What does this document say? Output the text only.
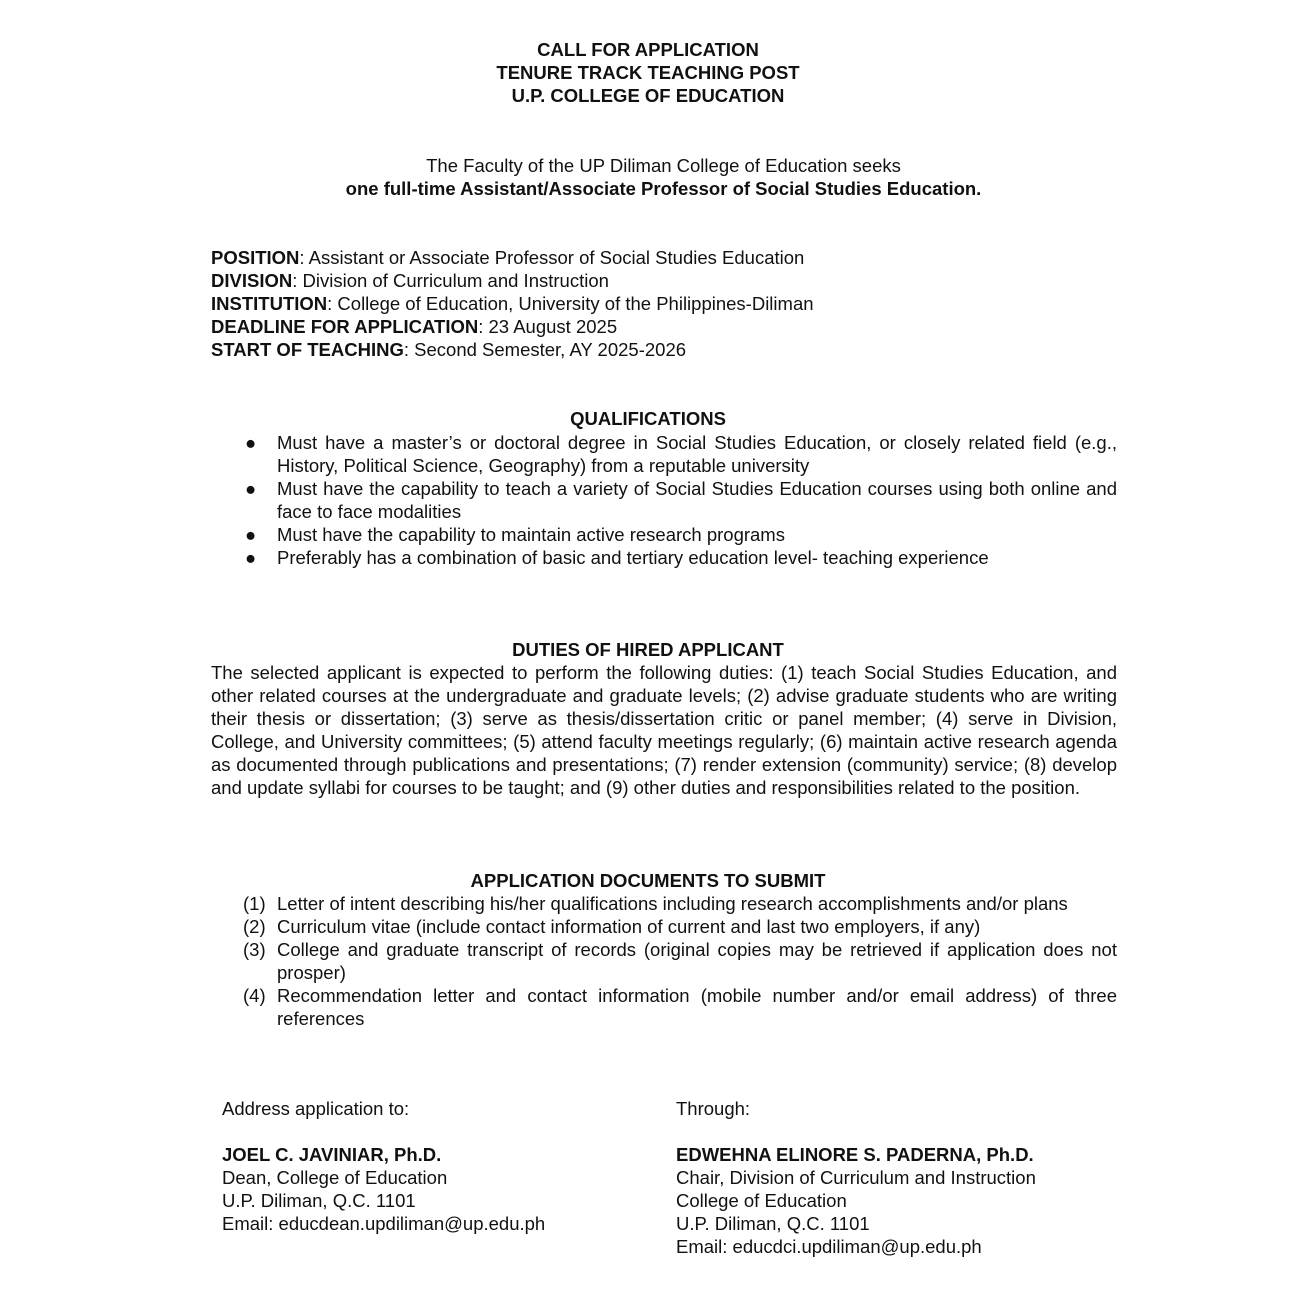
CALL FOR APPLICATION
TENURE TRACK TEACHING POST
U.P. COLLEGE OF EDUCATION
The Faculty of the UP Diliman College of Education seeks
one full-time Assistant/Associate Professor of Social Studies Education.
POSITION: Assistant or Associate Professor of Social Studies Education
DIVISION: Division of Curriculum and Instruction
INSTITUTION: College of Education, University of the Philippines-Diliman
DEADLINE FOR APPLICATION: 23 August 2025
START OF TEACHING: Second Semester, AY 2025-2026
QUALIFICATIONS
● Must have a master’s or doctoral degree in Social Studies Education, or closely related field (e.g., History, Political Science, Geography) from a reputable university
● Must have the capability to teach a variety of Social Studies Education courses using both online and face to face modalities
● Must have the capability to maintain active research programs
● Preferably has a combination of basic and tertiary education level- teaching experience
DUTIES OF HIRED APPLICANT
The selected applicant is expected to perform the following duties: (1) teach Social Studies Education, and other related courses at the undergraduate and graduate levels; (2) advise graduate students who are writing their thesis or dissertation; (3) serve as thesis/dissertation critic or panel member; (4) serve in Division, College, and University committees; (5) attend faculty meetings regularly; (6) maintain active research agenda as documented through publications and presentations; (7) render extension (community) service; (8) develop and update syllabi for courses to be taught; and (9) other duties and responsibilities related to the position.
APPLICATION DOCUMENTS TO SUBMIT
(1) Letter of intent describing his/her qualifications including research accomplishments and/or plans
(2) Curriculum vitae (include contact information of current and last two employers, if any)
(3) College and graduate transcript of records (original copies may be retrieved if application does not prosper)
(4) Recommendation letter and contact information (mobile number and/or email address) of three references
Address application to:
JOEL C. JAVINIAR, Ph.D.
Dean, College of Education
U.P. Diliman, Q.C. 1101
Email: educdean.updiliman@up.edu.ph
Through:
EDWEHNA ELINORE S. PADERNA, Ph.D.
Chair, Division of Curriculum and Instruction
College of Education
U.P. Diliman, Q.C. 1101
Email: educdci.updiliman@up.edu.ph
